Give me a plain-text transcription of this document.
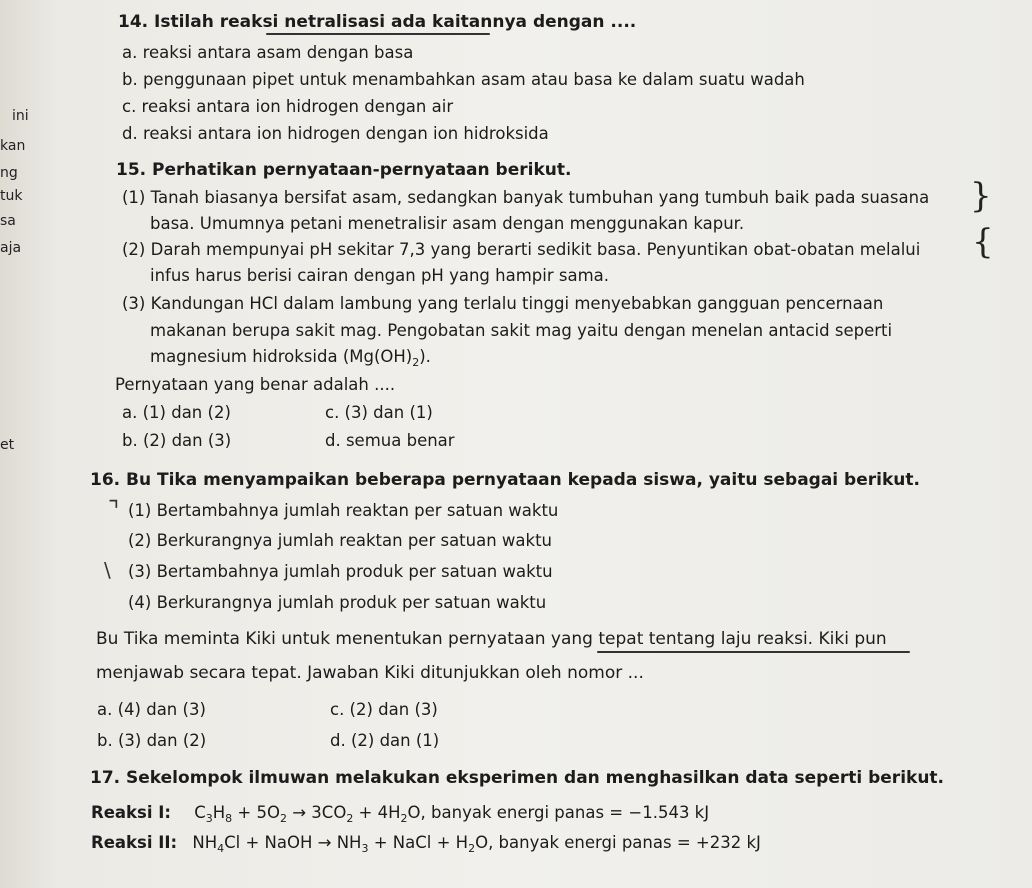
ini
kan
ng
tuk
sa
aja
et
14. Istilah reaksi netralisasi ada kaitannya dengan ....
a. reaksi antara asam dengan basa
b. penggunaan pipet untuk menambahkan asam atau basa ke dalam suatu wadah
c. reaksi antara ion hidrogen dengan air
d. reaksi antara ion hidrogen dengan ion hidroksida
15. Perhatikan pernyataan-pernyataan berikut.
(1) Tanah biasanya bersifat asam, sedangkan banyak tumbuhan yang tumbuh baik pada suasana
basa. Umumnya petani menetralisir asam dengan menggunakan kapur.
(2) Darah mempunyai pH sekitar 7,3 yang berarti sedikit basa. Penyuntikan obat-obatan melalui
infus harus berisi cairan dengan pH yang hampir sama.
(3) Kandungan HCl dalam lambung yang terlalu tinggi menyebabkan gangguan pencernaan
makanan berupa sakit mag. Pengobatan sakit mag yaitu dengan menelan antacid seperti
magnesium hidroksida $(Mg(OH)_2)$.
Pernyataan yang benar adalah ....
a. (1) dan (2)	c. (3) dan (1)
b. (2) dan (3)	d. semua benar
}
{
16. Bu Tika menyampaikan beberapa pernyataan kepada siswa, yaitu sebagai berikut.
(1) Bertambahnya jumlah reaktan per satuan waktu
(2) Berkurangnya jumlah reaktan per satuan waktu
(3) Bertambahnya jumlah produk per satuan waktu
(4) Berkurangnya jumlah produk per satuan waktu
⌝
\
Bu Tika meminta Kiki untuk menentukan pernyataan yang tepat tentang laju reaksi. Kiki pun
menjawab secara tepat. Jawaban Kiki ditunjukkan oleh nomor ...
a. (4) dan (3)	c. (2) dan (3)
b. (3) dan (2)	d. (2) dan (1)
17. Sekelompok ilmuwan melakukan eksperimen dan menghasilkan data seperti berikut.
Reaksi I: $C_3H_8 + 5O_2 \to 3CO_2 + 4H_2O$, banyak energi panas = −1.543 kJ
Reaksi II: $NH_4Cl$ + NaOH → $NH_3$ + NaCl + $H_2O$, banyak energi panas = +232 kJ
